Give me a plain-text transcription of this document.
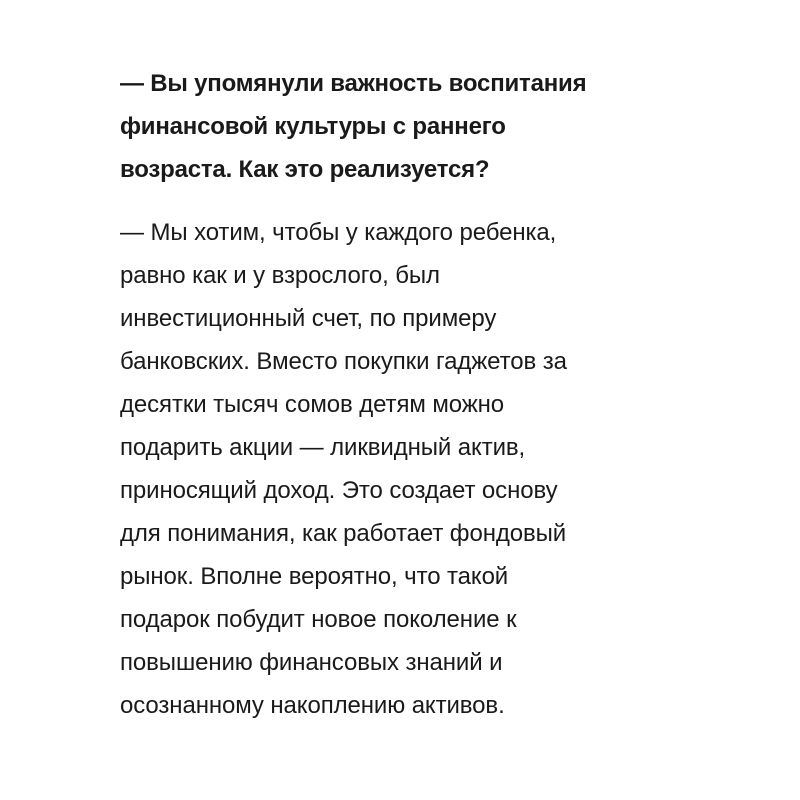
— Вы упомянули важность воспитания
финансовой культуры с раннего
возраста. Как это реализуется?

— Мы хотим, чтобы у каждого ребенка,
равно как и у взрослого, был
инвестиционный счет, по примеру
банковских. Вместо покупки гаджетов за
десятки тысяч сомов детям можно
подарить акции — ликвидный актив,
приносящий доход. Это создает основу
для понимания, как работает фондовый
рынок. Вполне вероятно, что такой
подарок побудит новое поколение к
повышению финансовых знаний и
осознанному накоплению активов.
